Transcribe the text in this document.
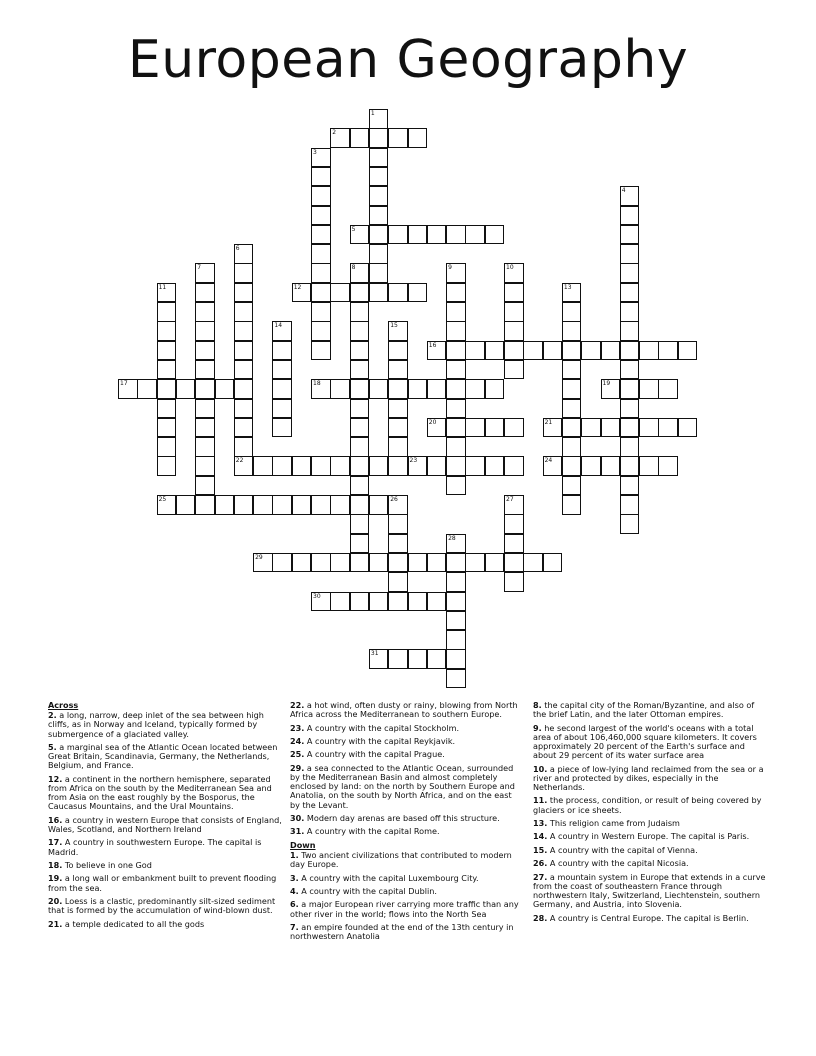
European Geography
1
2
3
4
5
6
7	8	9	10
11	12	13
14	15
16
17	18	19
20	21
22	23	24
25	26	27
28
29
30
31
Across
2. a long, narrow, deep inlet of the sea between high cliffs, as in Norway and Iceland, typically formed by submergence of a glaciated valley.
5. a marginal sea of the Atlantic Ocean located between Great Britain, Scandinavia, Germany, the Netherlands, Belgium, and France.
12. a continent in the northern hemisphere, separated from Africa on the south by the Mediterranean Sea and from Asia on the east roughly by the Bosporus, the Caucasus Mountains, and the Ural Mountains.
16. a country in western Europe that consists of England, Wales, Scotland, and Northern Ireland
17. A country in southwestern Europe. The capital is Madrid.
18. To believe in one God
19. a long wall or embankment built to prevent flooding from the sea.
20. Loess is a clastic, predominantly silt-sized sediment that is formed by the accumulation of wind-blown dust.
21. a temple dedicated to all the gods
22. a hot wind, often dusty or rainy, blowing from North Africa across the Mediterranean to southern Europe.
23. A country with the capital Stockholm.
24. A country with the capital Reykjavik.
25. A country with the capital Prague.
29. a sea connected to the Atlantic Ocean, surrounded by the Mediterranean Basin and almost completely enclosed by land: on the north by Southern Europe and Anatolia, on the south by North Africa, and on the east by the Levant.
30. Modern day arenas are based off this structure.
31. A country with the capital Rome.
Down
1. Two ancient civilizations that contributed to modern day Europe.
3. A country with the capital Luxembourg City.
4. A country with the capital Dublin.
6. a major European river carrying more traffic than any other river in the world; flows into the North Sea
7. an empire founded at the end of the 13th century in northwestern Anatolia
8. the capital city of the Roman/Byzantine, and also of the brief Latin, and the later Ottoman empires.
9. he second largest of the world's oceans with a total area of about 106,460,000 square kilometers. It covers approximately 20 percent of the Earth's surface and about 29 percent of its water surface area
10. a piece of low-lying land reclaimed from the sea or a river and protected by dikes, especially in the Netherlands.
11. the process, condition, or result of being covered by glaciers or ice sheets.
13. This religion came from Judaism
14. A country in Western Europe. The capital is Paris.
15. A country with the capital of Vienna.
26. A country with the capital Nicosia.
27. a mountain system in Europe that extends in a curve from the coast of southeastern France through northwestern Italy, Switzerland, Liechtenstein, southern Germany, and Austria, into Slovenia.
28. A country is Central Europe. The capital is Berlin.
